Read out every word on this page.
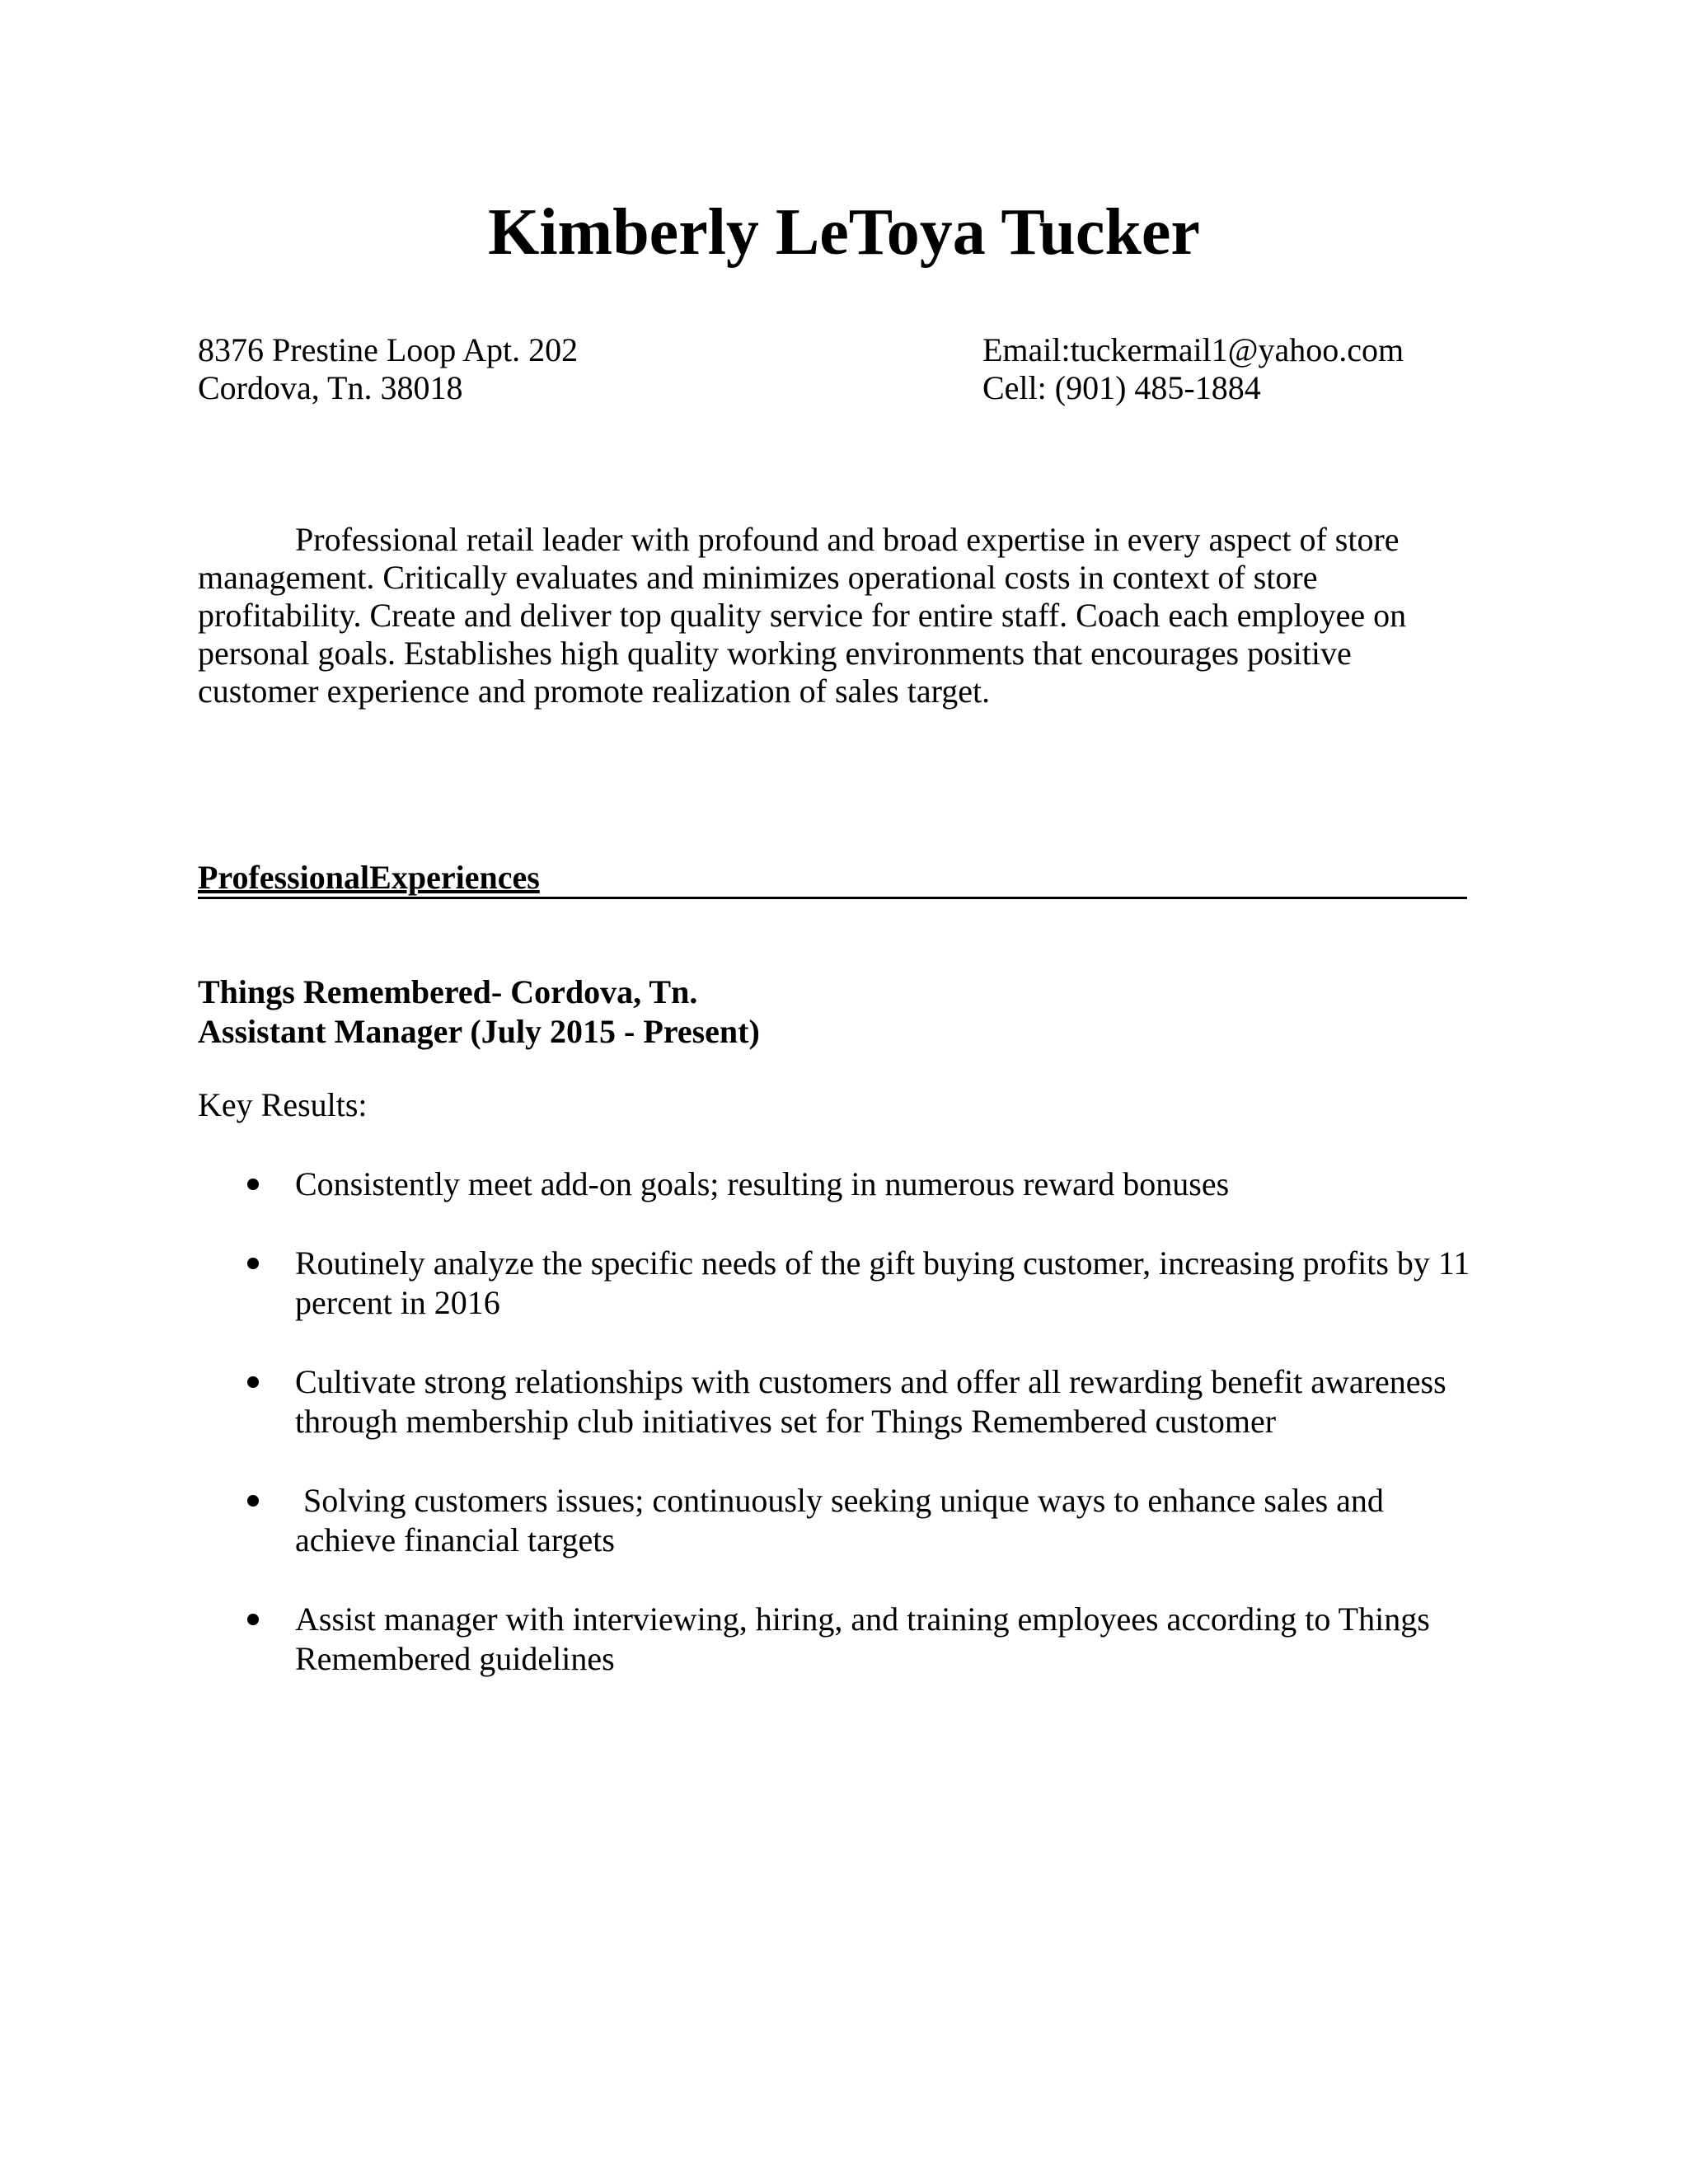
Kimberly LeToya Tucker
8376 Prestine Loop Apt. 202
Cordova, Tn. 38018
Email:tuckermail1@yahoo.com
Cell: (901) 485-1884

Professional retail leader with profound and broad expertise in every aspect of store management. Critically evaluates and minimizes operational costs in context of store profitability. Create and deliver top quality service for entire staff. Coach each employee on personal goals. Establishes high quality working environments that encourages positive customer experience and promote realization of sales target.

ProfessionalExperiences
Things Remembered- Cordova, Tn.
Assistant Manager (July 2015 - Present)
Key Results:
Consistently meet add-on goals; resulting in numerous reward bonuses
Routinely analyze the specific needs of the gift buying customer, increasing profits by 11 percent in 2016
Cultivate strong relationships with customers and offer all rewarding benefit awareness through membership club initiatives set for Things Remembered customer
Solving customers issues; continuously seeking unique ways to enhance sales and achieve financial targets
Assist manager with interviewing, hiring, and training employees according to Things Remembered guidelines
